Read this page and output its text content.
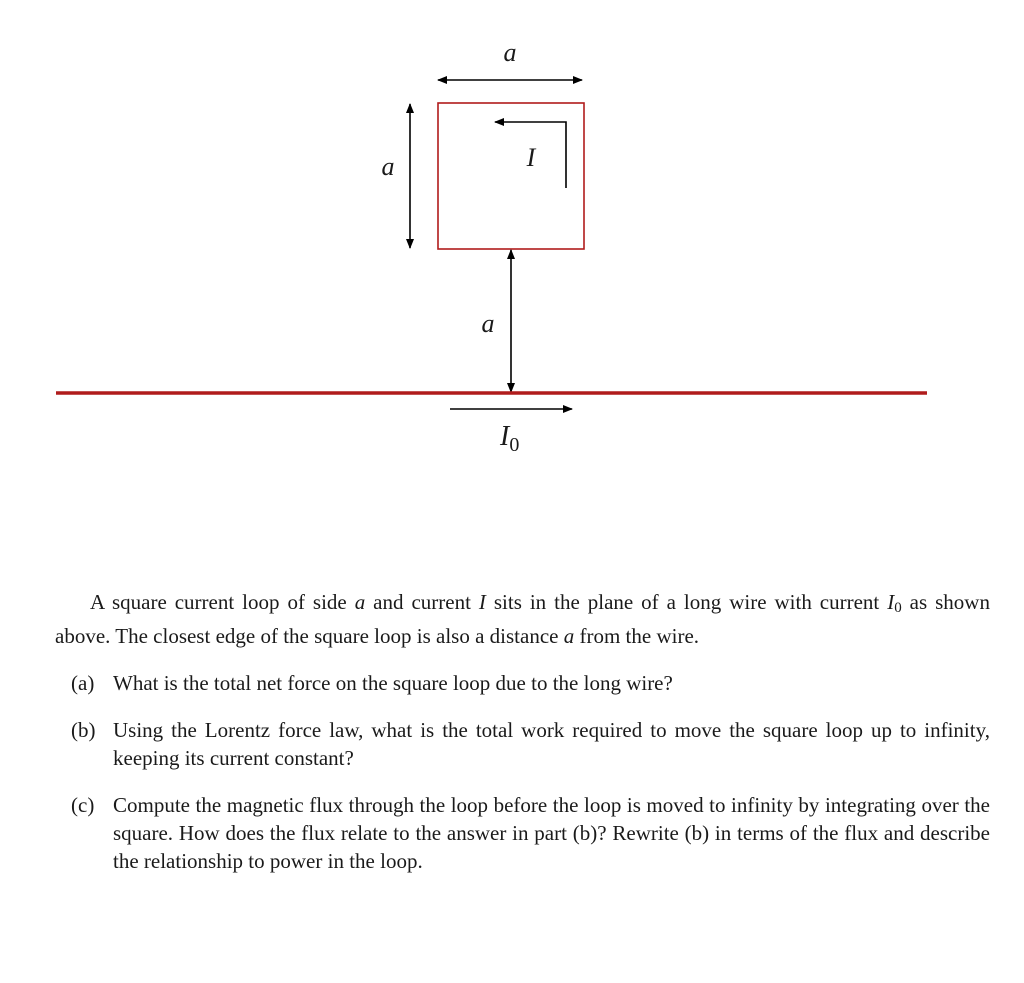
a
a	I
a
$I_0$

A square current loop of side a and current I sits in the plane of a long wire with current I0 as shown above. The closest edge of the square loop is also a distance a from the wire.

(a) What is the total net force on the square loop due to the long wire?
(b) Using the Lorentz force law, what is the total work required to move the square loop up to infinity, keeping its current constant?
(c) Compute the magnetic flux through the loop before the loop is moved to infinity by integrating over the square. How does the flux relate to the answer in part (b)? Rewrite (b) in terms of the flux and describe the relationship to power in the loop.
